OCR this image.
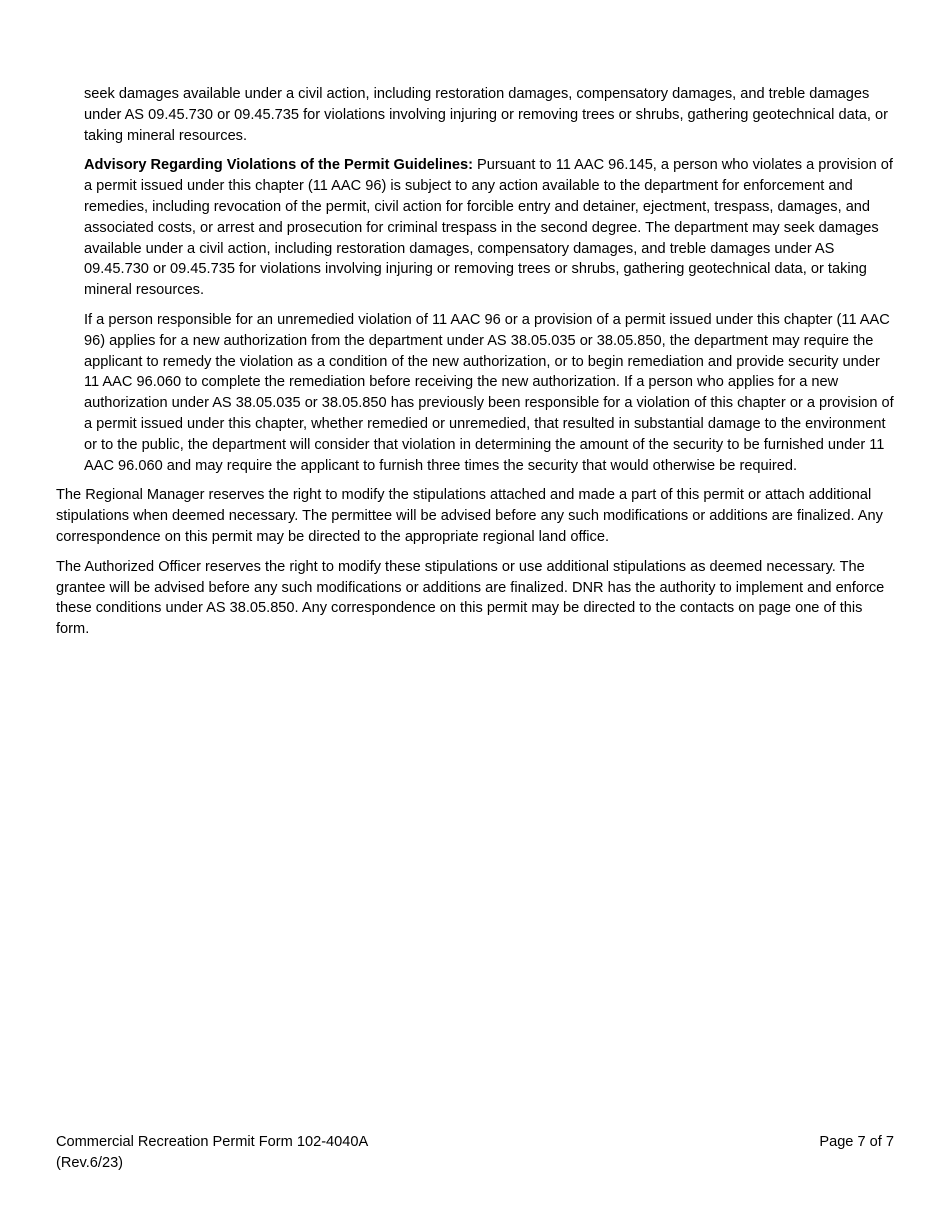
seek damages available under a civil action, including restoration damages, compensatory damages, and treble damages under AS 09.45.730 or 09.45.735 for violations involving injuring or removing trees or shrubs, gathering geotechnical data, or taking mineral resources.

Advisory Regarding Violations of the Permit Guidelines: Pursuant to 11 AAC 96.145, a person who violates a provision of a permit issued under this chapter (11 AAC 96) is subject to any action available to the department for enforcement and remedies, including revocation of the permit, civil action for forcible entry and detainer, ejectment, trespass, damages, and associated costs, or arrest and prosecution for criminal trespass in the second degree. The department may seek damages available under a civil action, including restoration damages, compensatory damages, and treble damages under AS 09.45.730 or 09.45.735 for violations involving injuring or removing trees or shrubs, gathering geotechnical data, or taking mineral resources.

If a person responsible for an unremedied violation of 11 AAC 96 or a provision of a permit issued under this chapter (11 AAC 96) applies for a new authorization from the department under AS 38.05.035 or 38.05.850, the department may require the applicant to remedy the violation as a condition of the new authorization, or to begin remediation and provide security under 11 AAC 96.060 to complete the remediation before receiving the new authorization. If a person who applies for a new authorization under AS 38.05.035 or 38.05.850 has previously been responsible for a violation of this chapter or a provision of a permit issued under this chapter, whether remedied or unremedied, that resulted in substantial damage to the environment or to the public, the department will consider that violation in determining the amount of the security to be furnished under 11 AAC 96.060 and may require the applicant to furnish three times the security that would otherwise be required.

The Regional Manager reserves the right to modify the stipulations attached and made a part of this permit or attach additional stipulations when deemed necessary. The permittee will be advised before any such modifications or additions are finalized. Any correspondence on this permit may be directed to the appropriate regional land office.

The Authorized Officer reserves the right to modify these stipulations or use additional stipulations as deemed necessary. The grantee will be advised before any such modifications or additions are finalized. DNR has the authority to implement and enforce these conditions under AS 38.05.850. Any correspondence on this permit may be directed to the contacts on page one of this form.

Commercial Recreation Permit Form 102-4040A
(Rev.6/23)
Page 7 of 7
